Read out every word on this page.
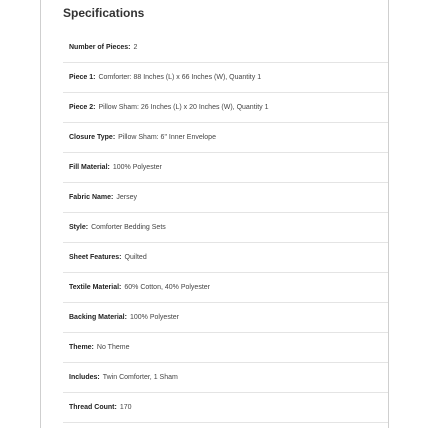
Specifications
Number of Pieces: 2
Piece 1: Comforter: 88 Inches (L) x 66 Inches (W), Quantity 1
Piece 2: Pillow Sham: 26 Inches (L) x 20 Inches (W), Quantity 1
Closure Type: Pillow Sham: 6" Inner Envelope
Fill Material: 100% Polyester
Fabric Name: Jersey
Style: Comforter Bedding Sets
Sheet Features: Quilted
Textile Material: 60% Cotton, 40% Polyester
Backing Material: 100% Polyester
Theme: No Theme
Includes: Twin Comforter, 1 Sham
Thread Count: 170
